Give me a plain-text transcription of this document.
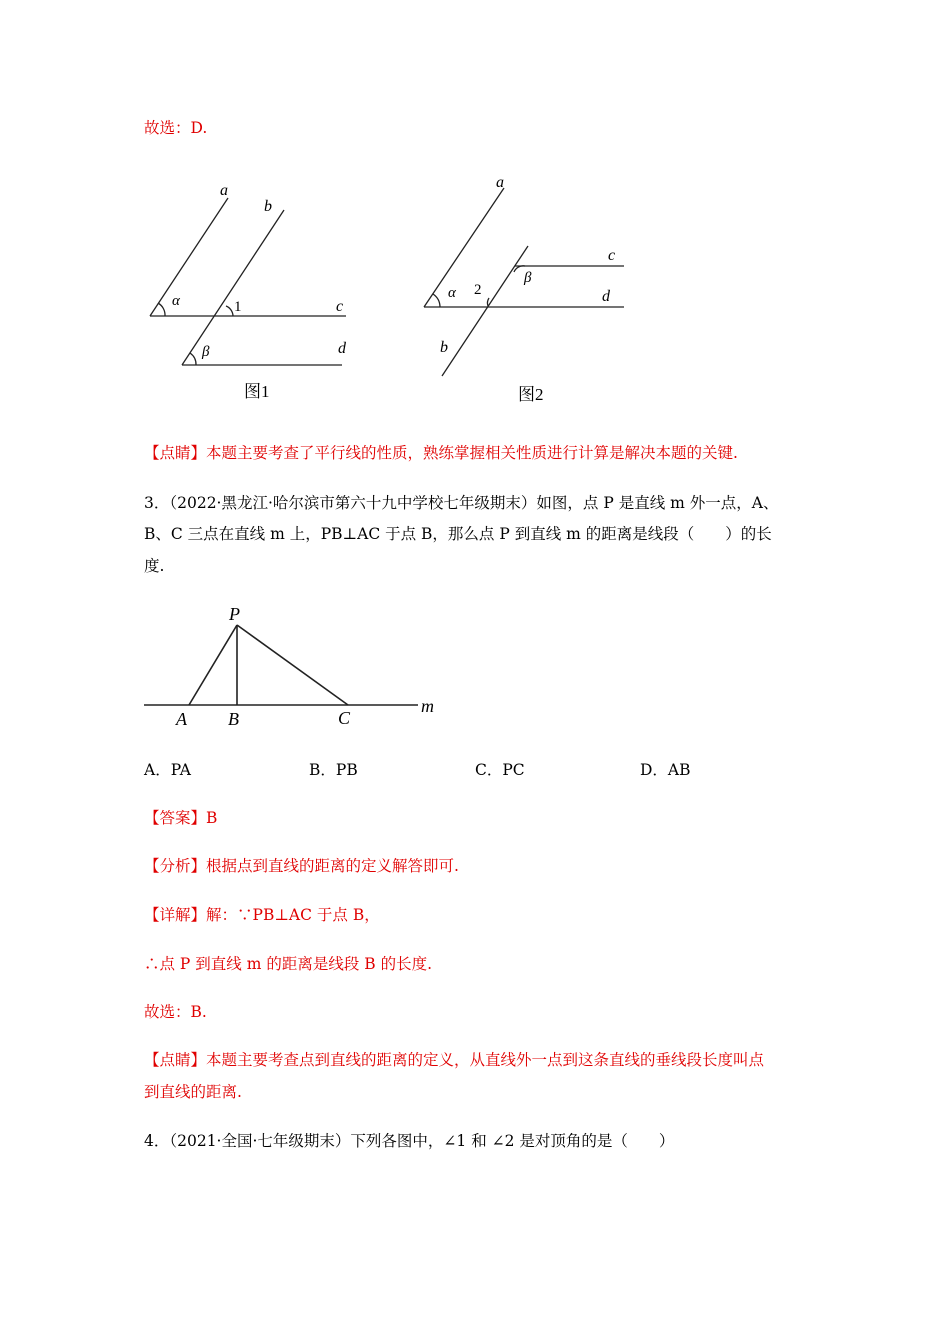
故选：D.
a
b
c
d
α	1
β
图1
a
c
d
b
α 2
β
图2
【点睛】本题主要考查了平行线的性质，熟练掌握相关性质进行计算是解决本题的关键.
3．（2022·黑龙江·哈尔滨市第六十九中学校七年级期末）如图，点 P 是直线 m 外一点，A、
B、C 三点在直线 m 上，PB⊥AC 于点 B，那么点 P 到直线 m 的距离是线段（　　）的长
度.
P
A B	C
m
A．PA	B．PB	C．PC	D．AB
【答案】B
【分析】根据点到直线的距离的定义解答即可.
【详解】解：∵PB⊥AC 于点 B，
∴点 P 到直线 m 的距离是线段 B 的长度.
故选：B.
【点睛】本题主要考查点到直线的距离的定义，从直线外一点到这条直线的垂线段长度叫点
到直线的距离.
4．（2021·全国·七年级期末）下列各图中，∠1 和 ∠2 是对顶角的是（　　）
